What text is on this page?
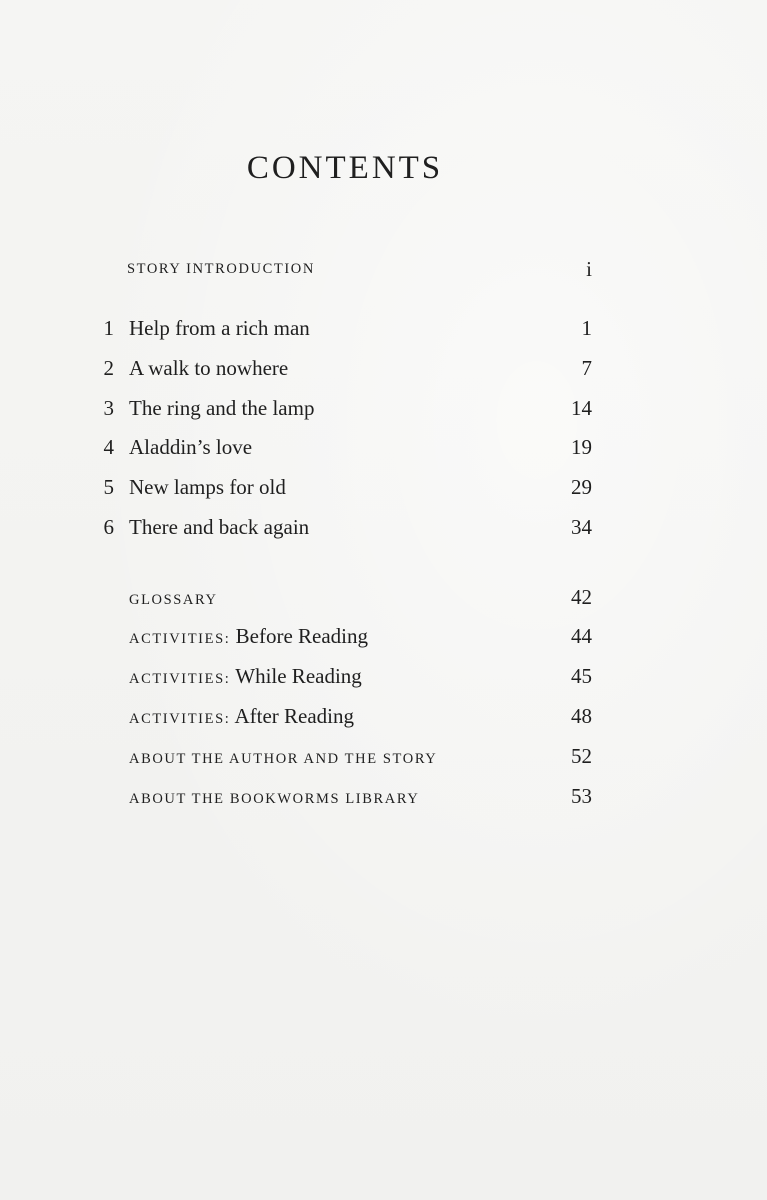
CONTENTS
STORY INTRODUCTION	i
1 Help from a rich man	1
2 A walk to nowhere	7
3 The ring and the lamp	14
4 Aladdin’s love	19
5 New lamps for old	29
6 There and back again	34
GLOSSARY	42
ACTIVITIES: Before Reading	44
ACTIVITIES: While Reading	45
ACTIVITIES: After Reading	48
ABOUT THE AUTHOR AND THE STORY	52
ABOUT THE BOOKWORMS LIBRARY	53
